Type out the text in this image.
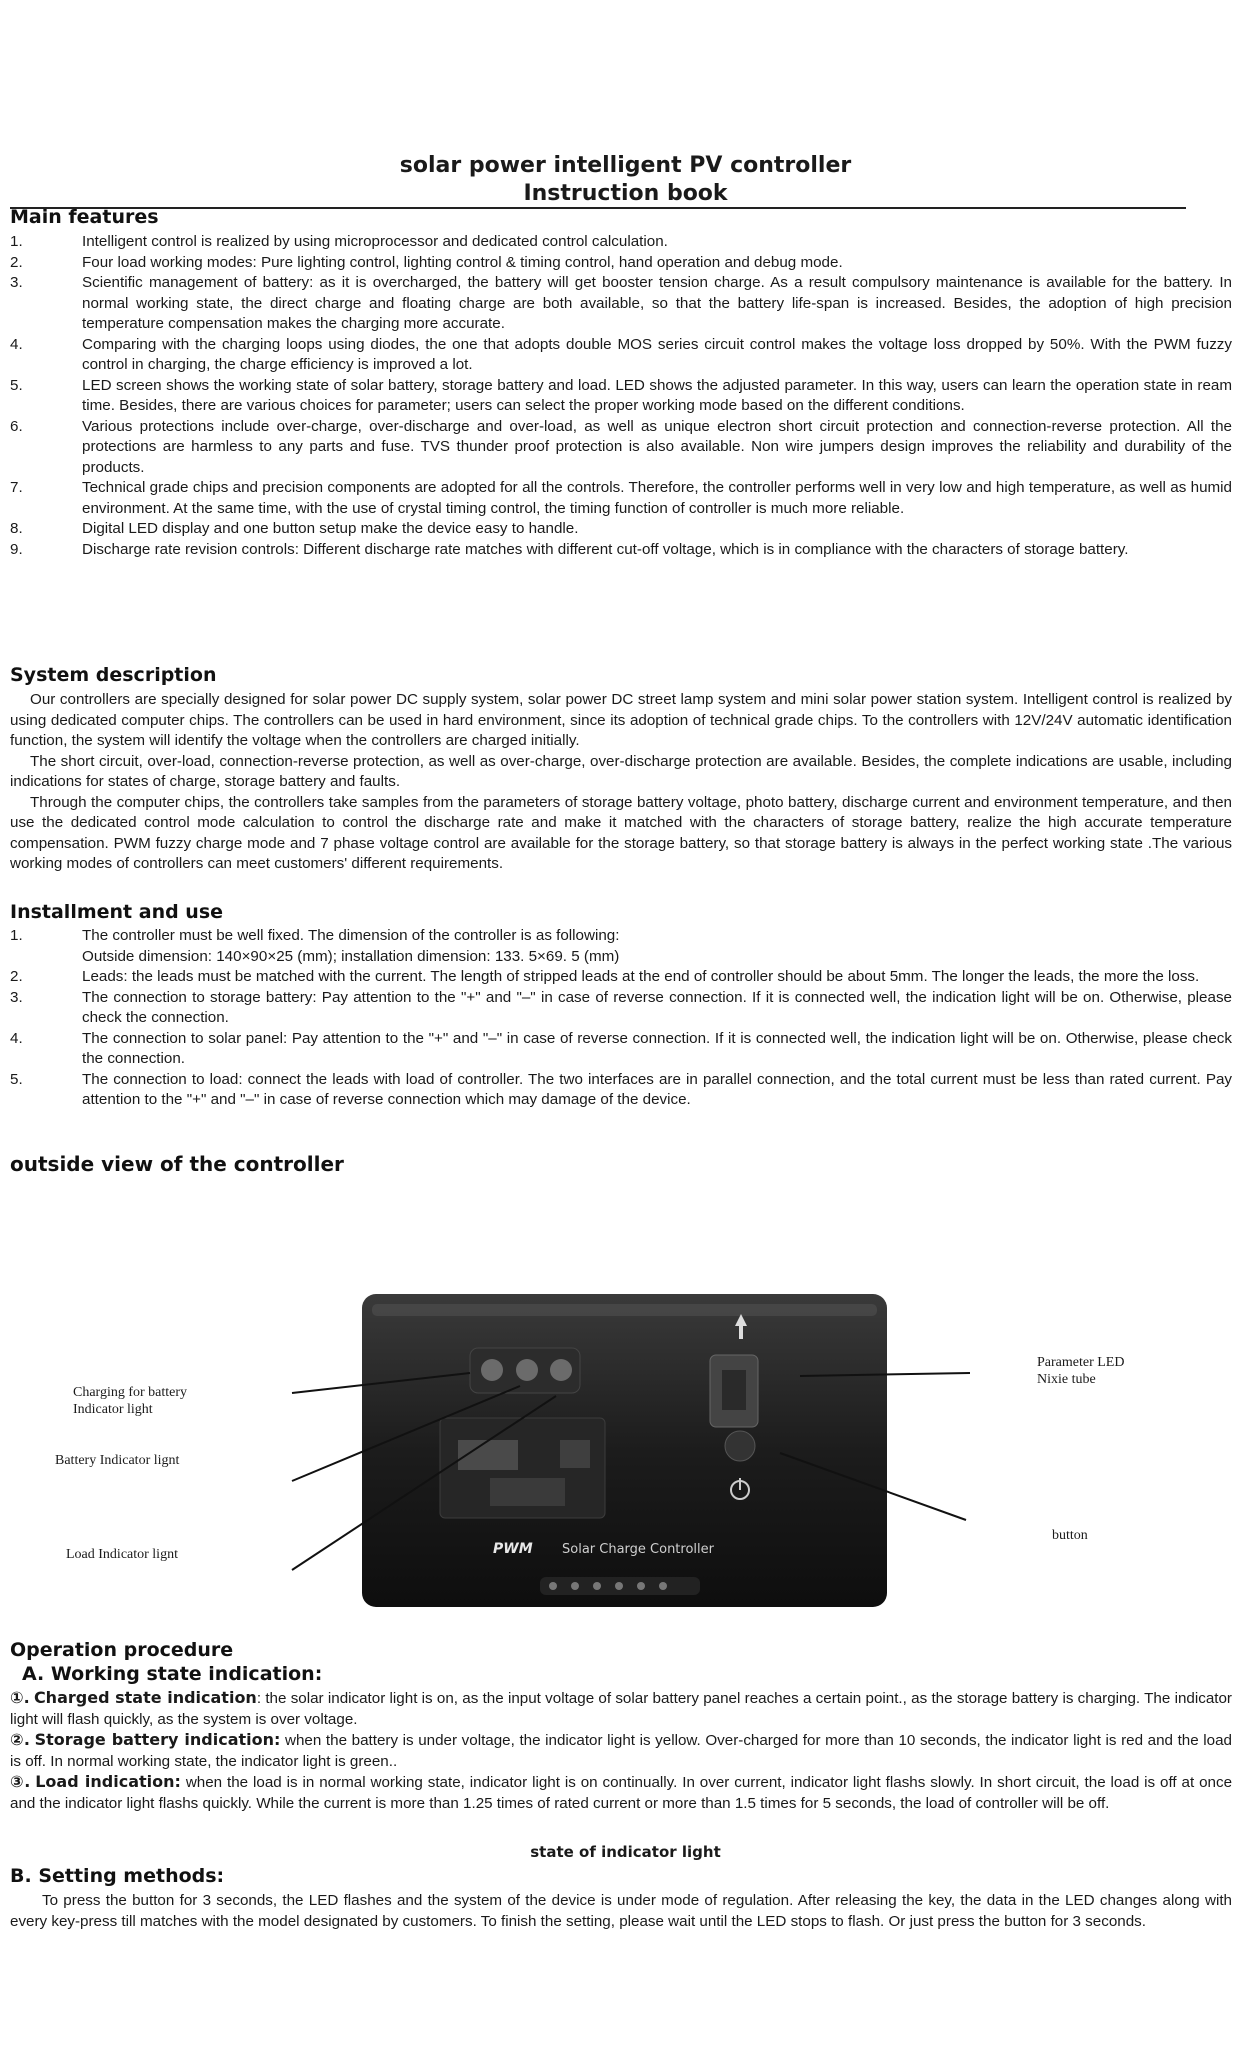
solar power intelligent PV controller
Instruction book
Main features
1.	Intelligent control is realized by using microprocessor and dedicated control calculation.
2.	Four load working modes: Pure lighting control, lighting control & timing control, hand operation and debug mode.
3.	Scientific management of battery: as it is overcharged, the battery will get booster tension charge. As a result compulsory maintenance is available for the battery. In normal working state, the direct charge and floating charge are both available, so that the battery life-span is increased. Besides, the adoption of high precision temperature compensation makes the charging more accurate.
4.	Comparing with the charging loops using diodes, the one that adopts double MOS series circuit control makes the voltage loss dropped by 50%. With the PWM fuzzy control in charging, the charge efficiency is improved a lot.
5.	LED screen shows the working state of solar battery, storage battery and load. LED shows the adjusted parameter. In this way, users can learn the operation state in ream time. Besides, there are various choices for parameter; users can select the proper working mode based on the different conditions.
6.	Various protections include over-charge, over-discharge and over-load, as well as unique electron short circuit protection and connection-reverse protection. All the protections are harmless to any parts and fuse. TVS thunder proof protection is also available. Non wire jumpers design improves the reliability and durability of the products.
7.	Technical grade chips and precision components are adopted for all the controls. Therefore, the controller performs well in very low and high temperature, as well as humid environment. At the same time, with the use of crystal timing control, the timing function of controller is much more reliable.
8.	Digital LED display and one button setup make the device easy to handle.
9.	Discharge rate revision controls: Different discharge rate matches with different cut-off voltage, which is in compliance with the characters of storage battery.
System description
Our controllers are specially designed for solar power DC supply system, solar power DC street lamp system and mini solar power station system. Intelligent control is realized by using dedicated computer chips. The controllers can be used in hard environment, since its adoption of technical grade chips. To the controllers with 12V/24V automatic identification function, the system will identify the voltage when the controllers are charged initially.
The short circuit, over-load, connection-reverse protection, as well as over-charge, over-discharge protection are available. Besides, the complete indications are usable, including indications for states of charge, storage battery and faults.
Through the computer chips, the controllers take samples from the parameters of storage battery voltage, photo battery, discharge current and environment temperature, and then use the dedicated control mode calculation to control the discharge rate and make it matched with the characters of storage battery, realize the high accurate temperature compensation. PWM fuzzy charge mode and 7 phase voltage control are available for the storage battery, so that storage battery is always in the perfect working state .The various working modes of controllers can meet customers' different requirements.
Installment and use
1.	The controller must be well fixed. The dimension of the controller is as following:
Outside dimension: 140×90×25 (mm); installation dimension: 133. 5×69. 5 (mm)
2.	Leads: the leads must be matched with the current. The length of stripped leads at the end of controller should be about 5mm. The longer the leads, the more the loss.
3.	The connection to storage battery: Pay attention to the "+" and "–" in case of reverse connection. If it is connected well, the indication light will be on. Otherwise, please check the connection.
4.	The connection to solar panel: Pay attention to the "+" and "–" in case of reverse connection. If it is connected well, the indication light will be on. Otherwise, please check the connection.
5.	The connection to load: connect the leads with load of controller. The two interfaces are in parallel connection, and the total current must be less than rated current. Pay attention to the "+" and "–" in case of reverse connection which may damage of the device.
outside view of the controller
PWM Solar Charge Controller
Charging for battery Indicator light
Battery Indicator lignt
Load Indicator lignt
Parameter LED Nixie tube
button
Operation procedure
A. Working state indication:
①. Charged state indication: the solar indicator light is on, as the input voltage of solar battery panel reaches a certain point., as the storage battery is charging. The indicator light will flash quickly, as the system is over voltage.
②. Storage battery indication: when the battery is under voltage, the indicator light is yellow. Over-charged for more than 10 seconds, the indicator light is red and the load is off. In normal working state, the indicator light is green..
③. Load indication: when the load is in normal working state, indicator light is on continually. In over current, indicator light flashs slowly. In short circuit, the load is off at once and the indicator light flashs quickly. While the current is more than 1.25 times of rated current or more than 1.5 times for 5 seconds, the load of controller will be off.
state of indicator light
B. Setting methods:
To press the button for 3 seconds, the LED flashes and the system of the device is under mode of regulation. After releasing the key, the data in the LED changes along with every key-press till matches with the model designated by customers. To finish the setting, please wait until the LED stops to flash. Or just press the button for 3 seconds.
